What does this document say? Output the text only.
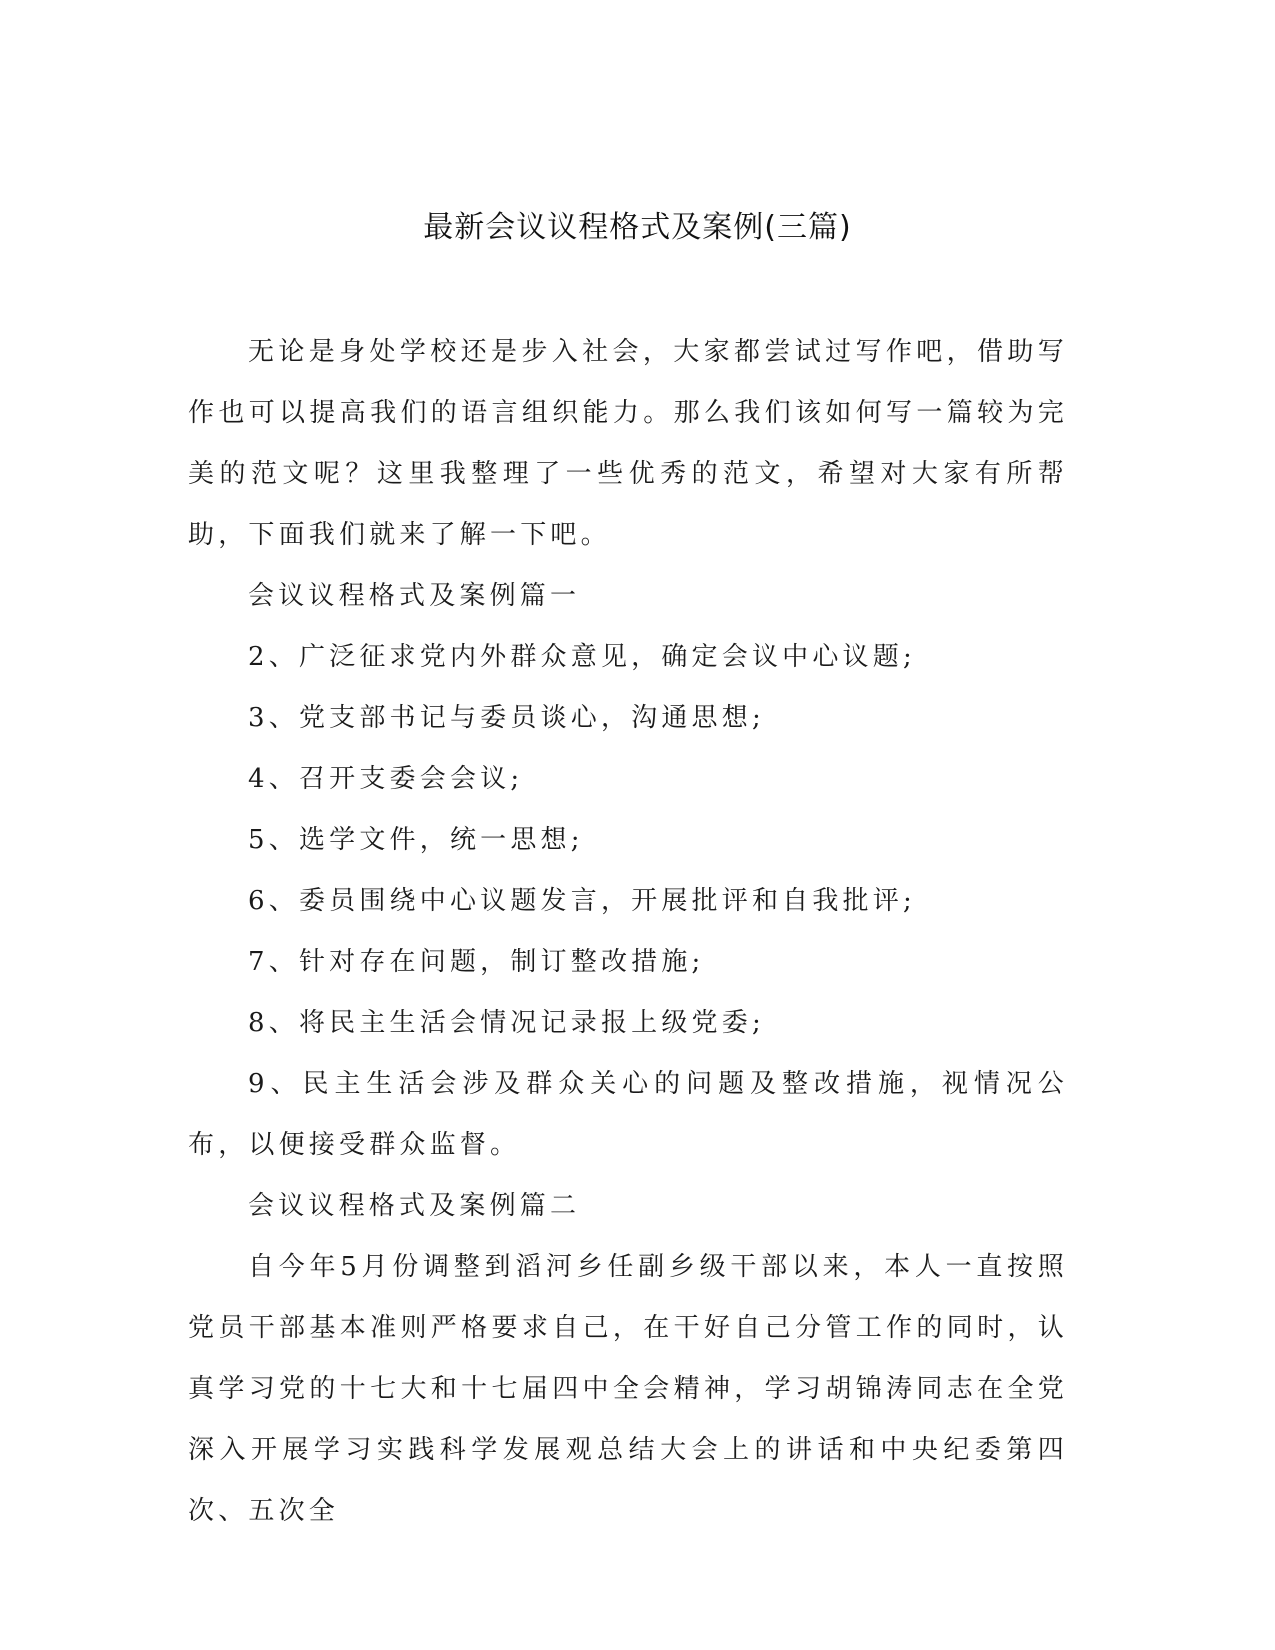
最新会议议程格式及案例(三篇)

无论是身处学校还是步入社会，大家都尝试过写作吧，借助写作也可以提高我们的语言组织能力。那么我们该如何写一篇较为完美的范文呢？这里我整理了一些优秀的范文，希望对大家有所帮助，下面我们就来了解一下吧。

会议议程格式及案例篇一

2、广泛征求党内外群众意见，确定会议中心议题;

3、党支部书记与委员谈心，沟通思想;

4、召开支委会会议;

5、选学文件，统一思想;

6、委员围绕中心议题发言，开展批评和自我批评;

7、针对存在问题，制订整改措施;

8、将民主生活会情况记录报上级党委;

9、民主生活会涉及群众关心的问题及整改措施，视情况公布，以便接受群众监督。

会议议程格式及案例篇二

自今年5月份调整到滔河乡任副乡级干部以来，本人一直按照党员干部基本准则严格要求自己，在干好自己分管工作的同时，认真学习党的十七大和十七届四中全会精神，学习胡锦涛同志在全党深入开展学习实践科学发展观总结大会上的讲话和中央纪委第四次、五次全
